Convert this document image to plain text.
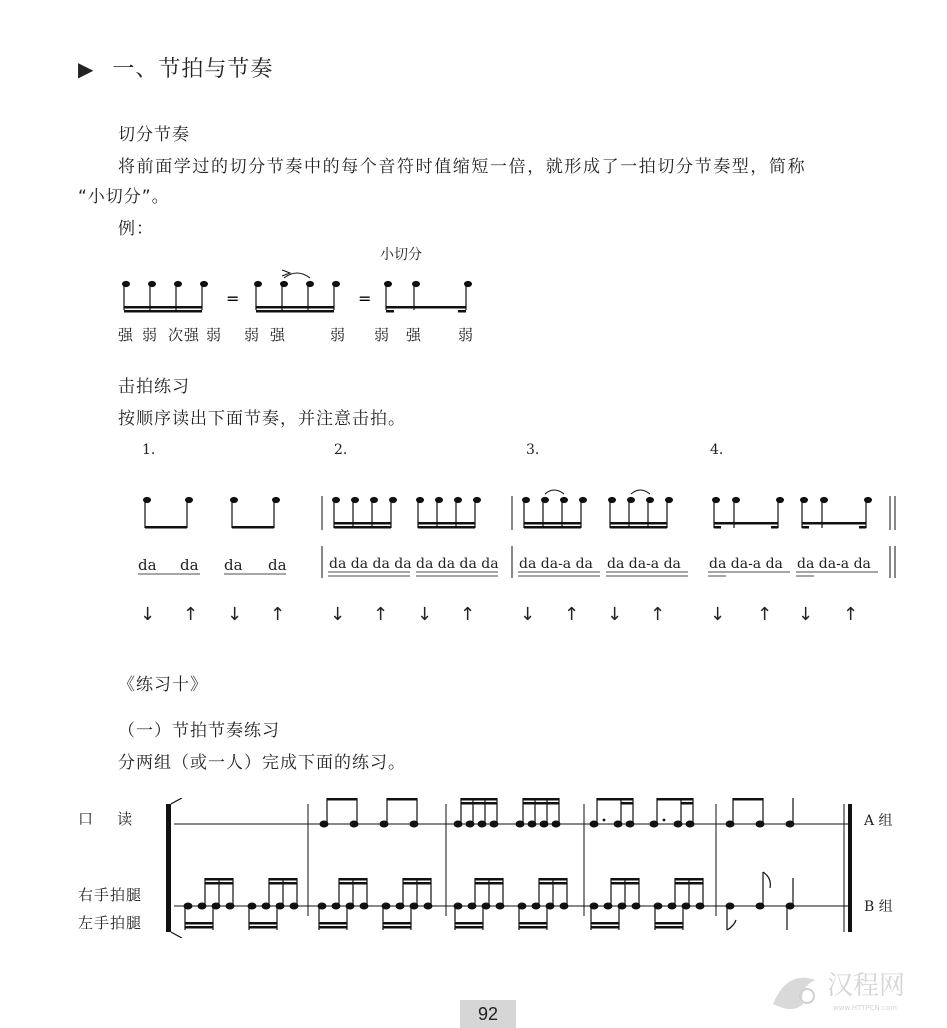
▶ 一、节拍与节奏
切分节奏
将前面学过的切分节奏中的每个音符时值缩短一倍，就形成了一拍切分节奏型，简称
“小切分”。
例：
小切分
=	=
强 弱 次强 弱 弱 强	弱 弱 强 弱
击拍练习
按顺序读出下面节奏，并注意击拍。
1.	2.	3.	4.
da da da da	da da da da da da da da da da-a da da da-a da da da-a da da da-a da
↓ ↑ ↓ ↑ ↓ ↑ ↓ ↑ ↓ ↑ ↓ ↑ ↓ ↑ ↓ ↑
《练习十》
（一）节拍节奏练习
分两组（或一人）完成下面的练习。
口    读
右手拍腿
左手拍腿
A 组
B 组
汉程网
www.HTTPCN.com
92
